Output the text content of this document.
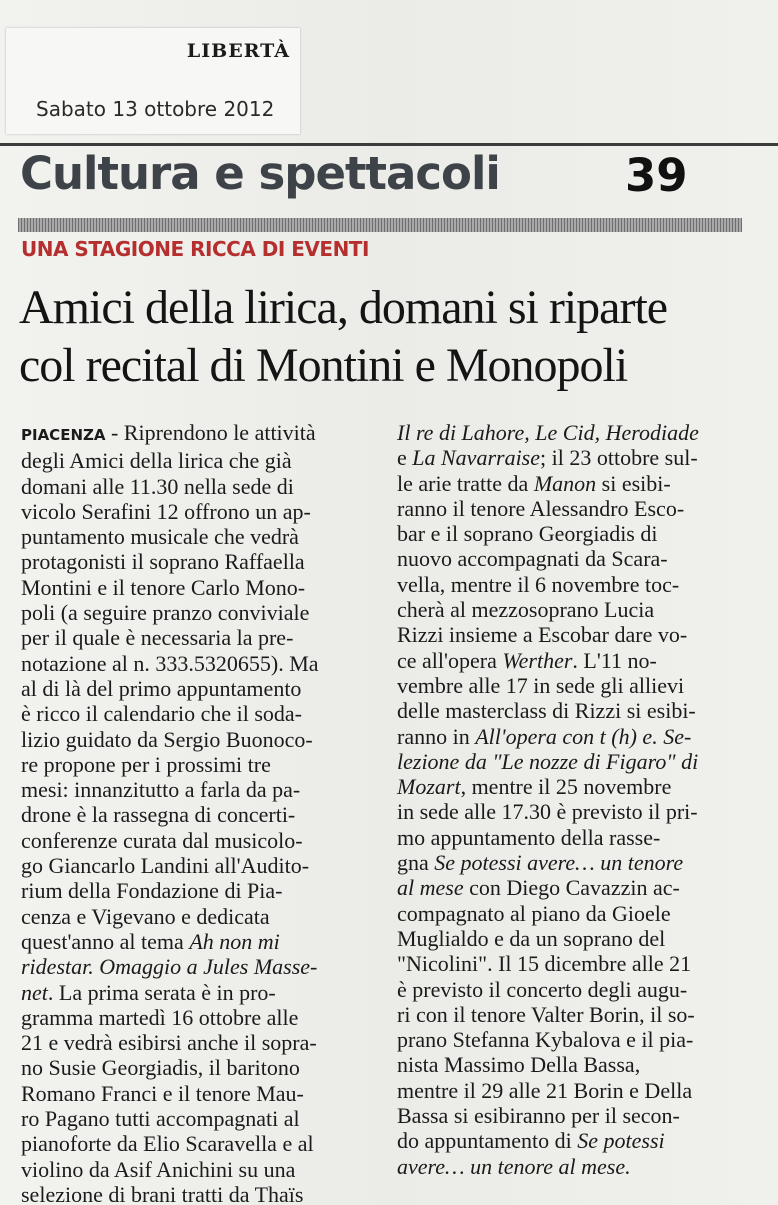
LIBERTÀ
Sabato 13 ottobre 2012
Cultura e spettacoli	39
UNA STAGIONE RICCA DI EVENTI
Amici della lirica, domani si riparte
col recital di Montini e Monopoli
PIACENZA - Riprendono le attività
degli Amici della lirica che già
domani alle 11.30 nella sede di
vicolo Serafini 12 offrono un ap-
puntamento musicale che vedrà
protagonisti il soprano Raffaella
Montini e il tenore Carlo Mono-
poli (a seguire pranzo conviviale
per il quale è necessaria la pre-
notazione al n. 333.5320655). Ma
al di là del primo appuntamento
è ricco il calendario che il soda-
lizio guidato da Sergio Buonoco-
re propone per i prossimi tre
mesi: innanzitutto a farla da pa-
drone è la rassegna di concerti-
conferenze curata dal musicolo-
go Giancarlo Landini all'Audito-
rium della Fondazione di Pia-
cenza e Vigevano e dedicata
quest'anno al tema Ah non mi
ridestar. Omaggio a Jules Masse-
net. La prima serata è in pro-
gramma martedì 16 ottobre alle
21 e vedrà esibirsi anche il sopra-
no Susie Georgiadis, il baritono
Romano Franci e il tenore Mau-
ro Pagano tutti accompagnati al
pianoforte da Elio Scaravella e al
violino da Asif Anichini su una
selezione di brani tratti da Thaïs
Il re di Lahore, Le Cid, Herodiade
e La Navarraise; il 23 ottobre sul-
le arie tratte da Manon si esibi-
ranno il tenore Alessandro Esco-
bar e il soprano Georgiadis di
nuovo accompagnati da Scara-
vella, mentre il 6 novembre toc-
cherà al mezzosoprano Lucia
Rizzi insieme a Escobar dare vo-
ce all'opera Werther. L'11 no-
vembre alle 17 in sede gli allievi
delle masterclass di Rizzi si esibi-
ranno in All'opera con t (h) e. Se-
lezione da "Le nozze di Figaro" di
Mozart, mentre il 25 novembre
in sede alle 17.30 è previsto il pri-
mo appuntamento della rasse-
gna Se potessi avere… un tenore
al mese con Diego Cavazzin ac-
compagnato al piano da Gioele
Muglialdo e da un soprano del
"Nicolini". Il 15 dicembre alle 21
è previsto il concerto degli augu-
ri con il tenore Valter Borin, il so-
prano Stefanna Kybalova e il pia-
nista Massimo Della Bassa,
mentre il 29 alle 21 Borin e Della
Bassa si esibiranno per il secon-
do appuntamento di Se potessi
avere… un tenore al mese.
